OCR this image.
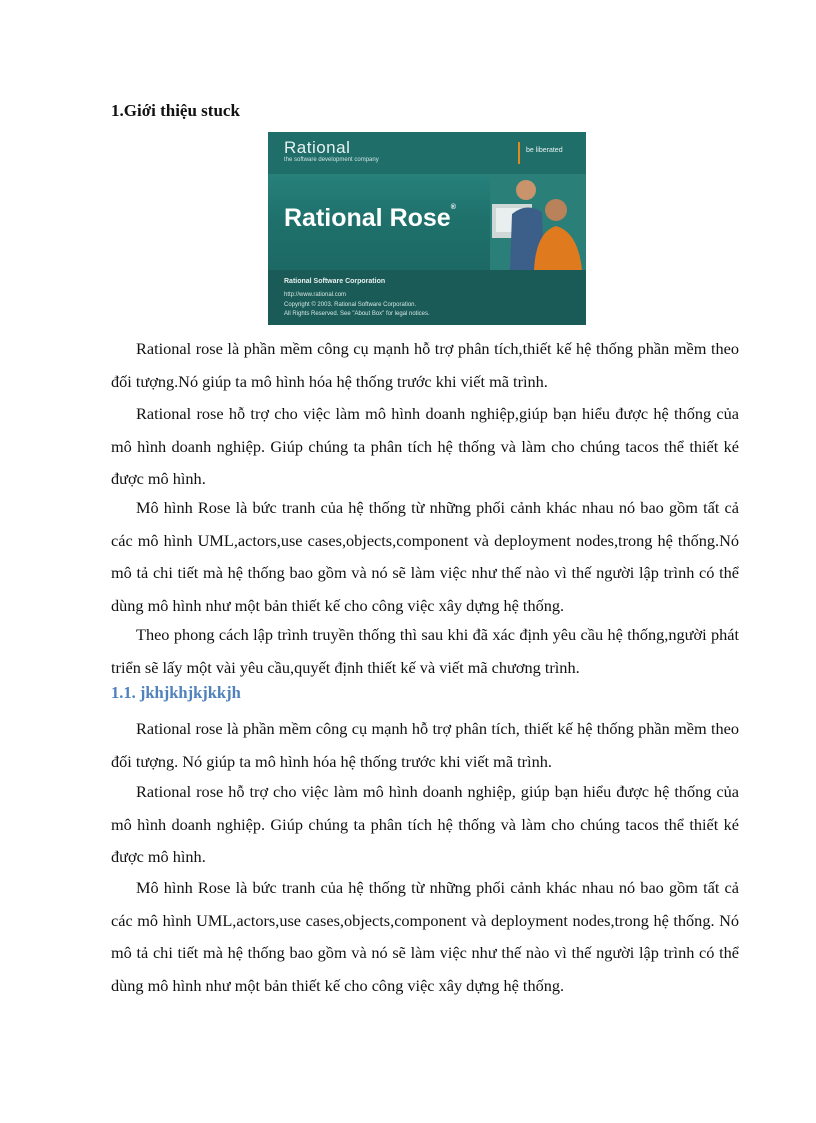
1.Giới thiệu stuck
Rational
the software development company
be liberated
Rational Rose®
Rational Software Corporation
http://www.rational.com
Copyright © 2003. Rational Software Corporation.
All Rights Reserved. See "About Box" for legal notices.

Rational rose là phần mềm công cụ mạnh hỗ trợ phân tích,thiết kế hệ thống phần mềm theo đối tượng.Nó giúp ta mô hình hóa hệ thống trước khi viết mã trình.

Rational rose hỗ trợ cho việc làm mô hình doanh nghiệp,giúp bạn hiểu được hệ thống của mô hình doanh nghiệp. Giúp chúng ta phân tích hệ thống và làm cho chúng tacos thể thiết ké được mô hình.

Mô hình Rose là bức tranh của hệ thống từ những phối cảnh khác nhau nó bao gồm tất cả các mô hình UML,actors,use cases,objects,component và deployment nodes,trong hệ thống.Nó mô tả chi tiết mà hệ thống bao gồm và nó sẽ làm việc như thế nào vì thế người lập trình có thể dùng mô hình như một bản thiết kế cho công việc xây dựng hệ thống.

Theo phong cách lập trình truyền thống thì sau khi đã xác định yêu cầu hệ thống,người phát triển sẽ lấy một vài yêu cầu,quyết định thiết kế và viết mã chương trình.

1.1. jkhjkhjkjkkjh

Rational rose là phần mềm công cụ mạnh hỗ trợ phân tích, thiết kế hệ thống phần mềm theo đối tượng. Nó giúp ta mô hình hóa hệ thống trước khi viết mã trình.

Rational rose hỗ trợ cho việc làm mô hình doanh nghiệp, giúp bạn hiểu được hệ thống của mô hình doanh nghiệp. Giúp chúng ta phân tích hệ thống và làm cho chúng tacos thể thiết ké được mô hình.

Mô hình Rose là bức tranh của hệ thống từ những phối cảnh khác nhau nó bao gồm tất cả các mô hình UML,actors,use cases,objects,component và deployment nodes,trong hệ thống. Nó mô tả chi tiết mà hệ thống bao gồm và nó sẽ làm việc như thế nào vì thế người lập trình có thể dùng mô hình như một bản thiết kế cho công việc xây dựng hệ thống.
